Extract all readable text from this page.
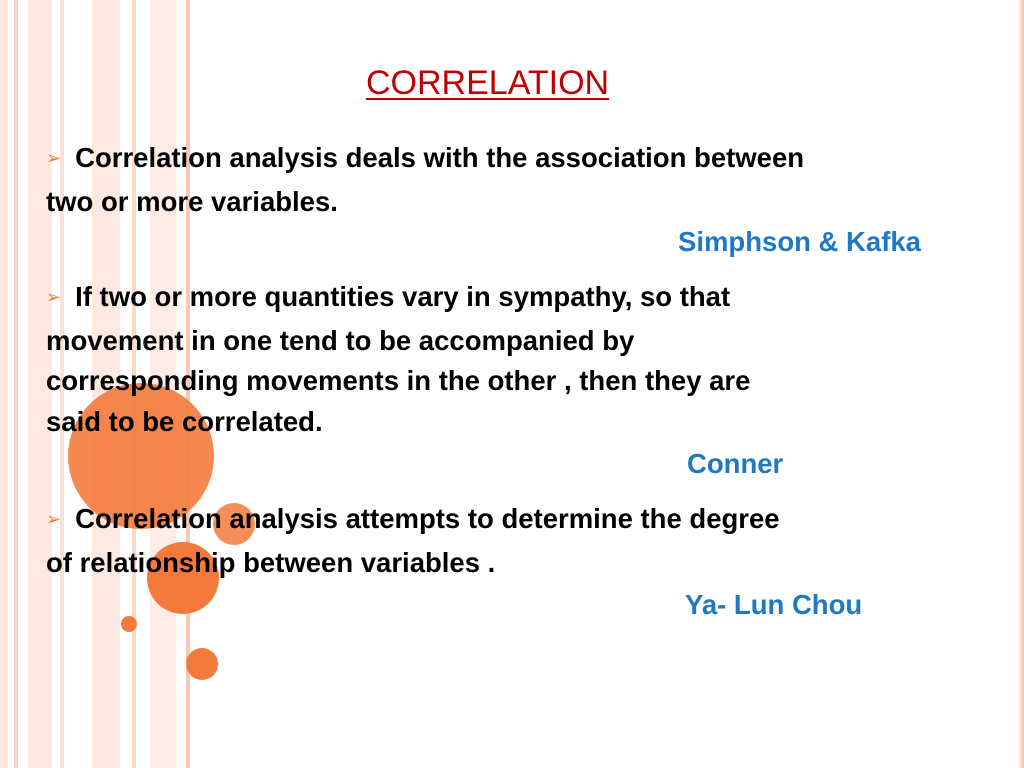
CORRELATION
➢ Correlation analysis deals with the association between
two or more variables.
Simphson & Kafka
➢ If two or more quantities vary in sympathy, so that
movement in one tend to be accompanied by
corresponding movements in the other , then they are
said to be correlated.
Conner
➢ Correlation analysis attempts to determine the degree
of relationship between variables .
Ya- Lun Chou
